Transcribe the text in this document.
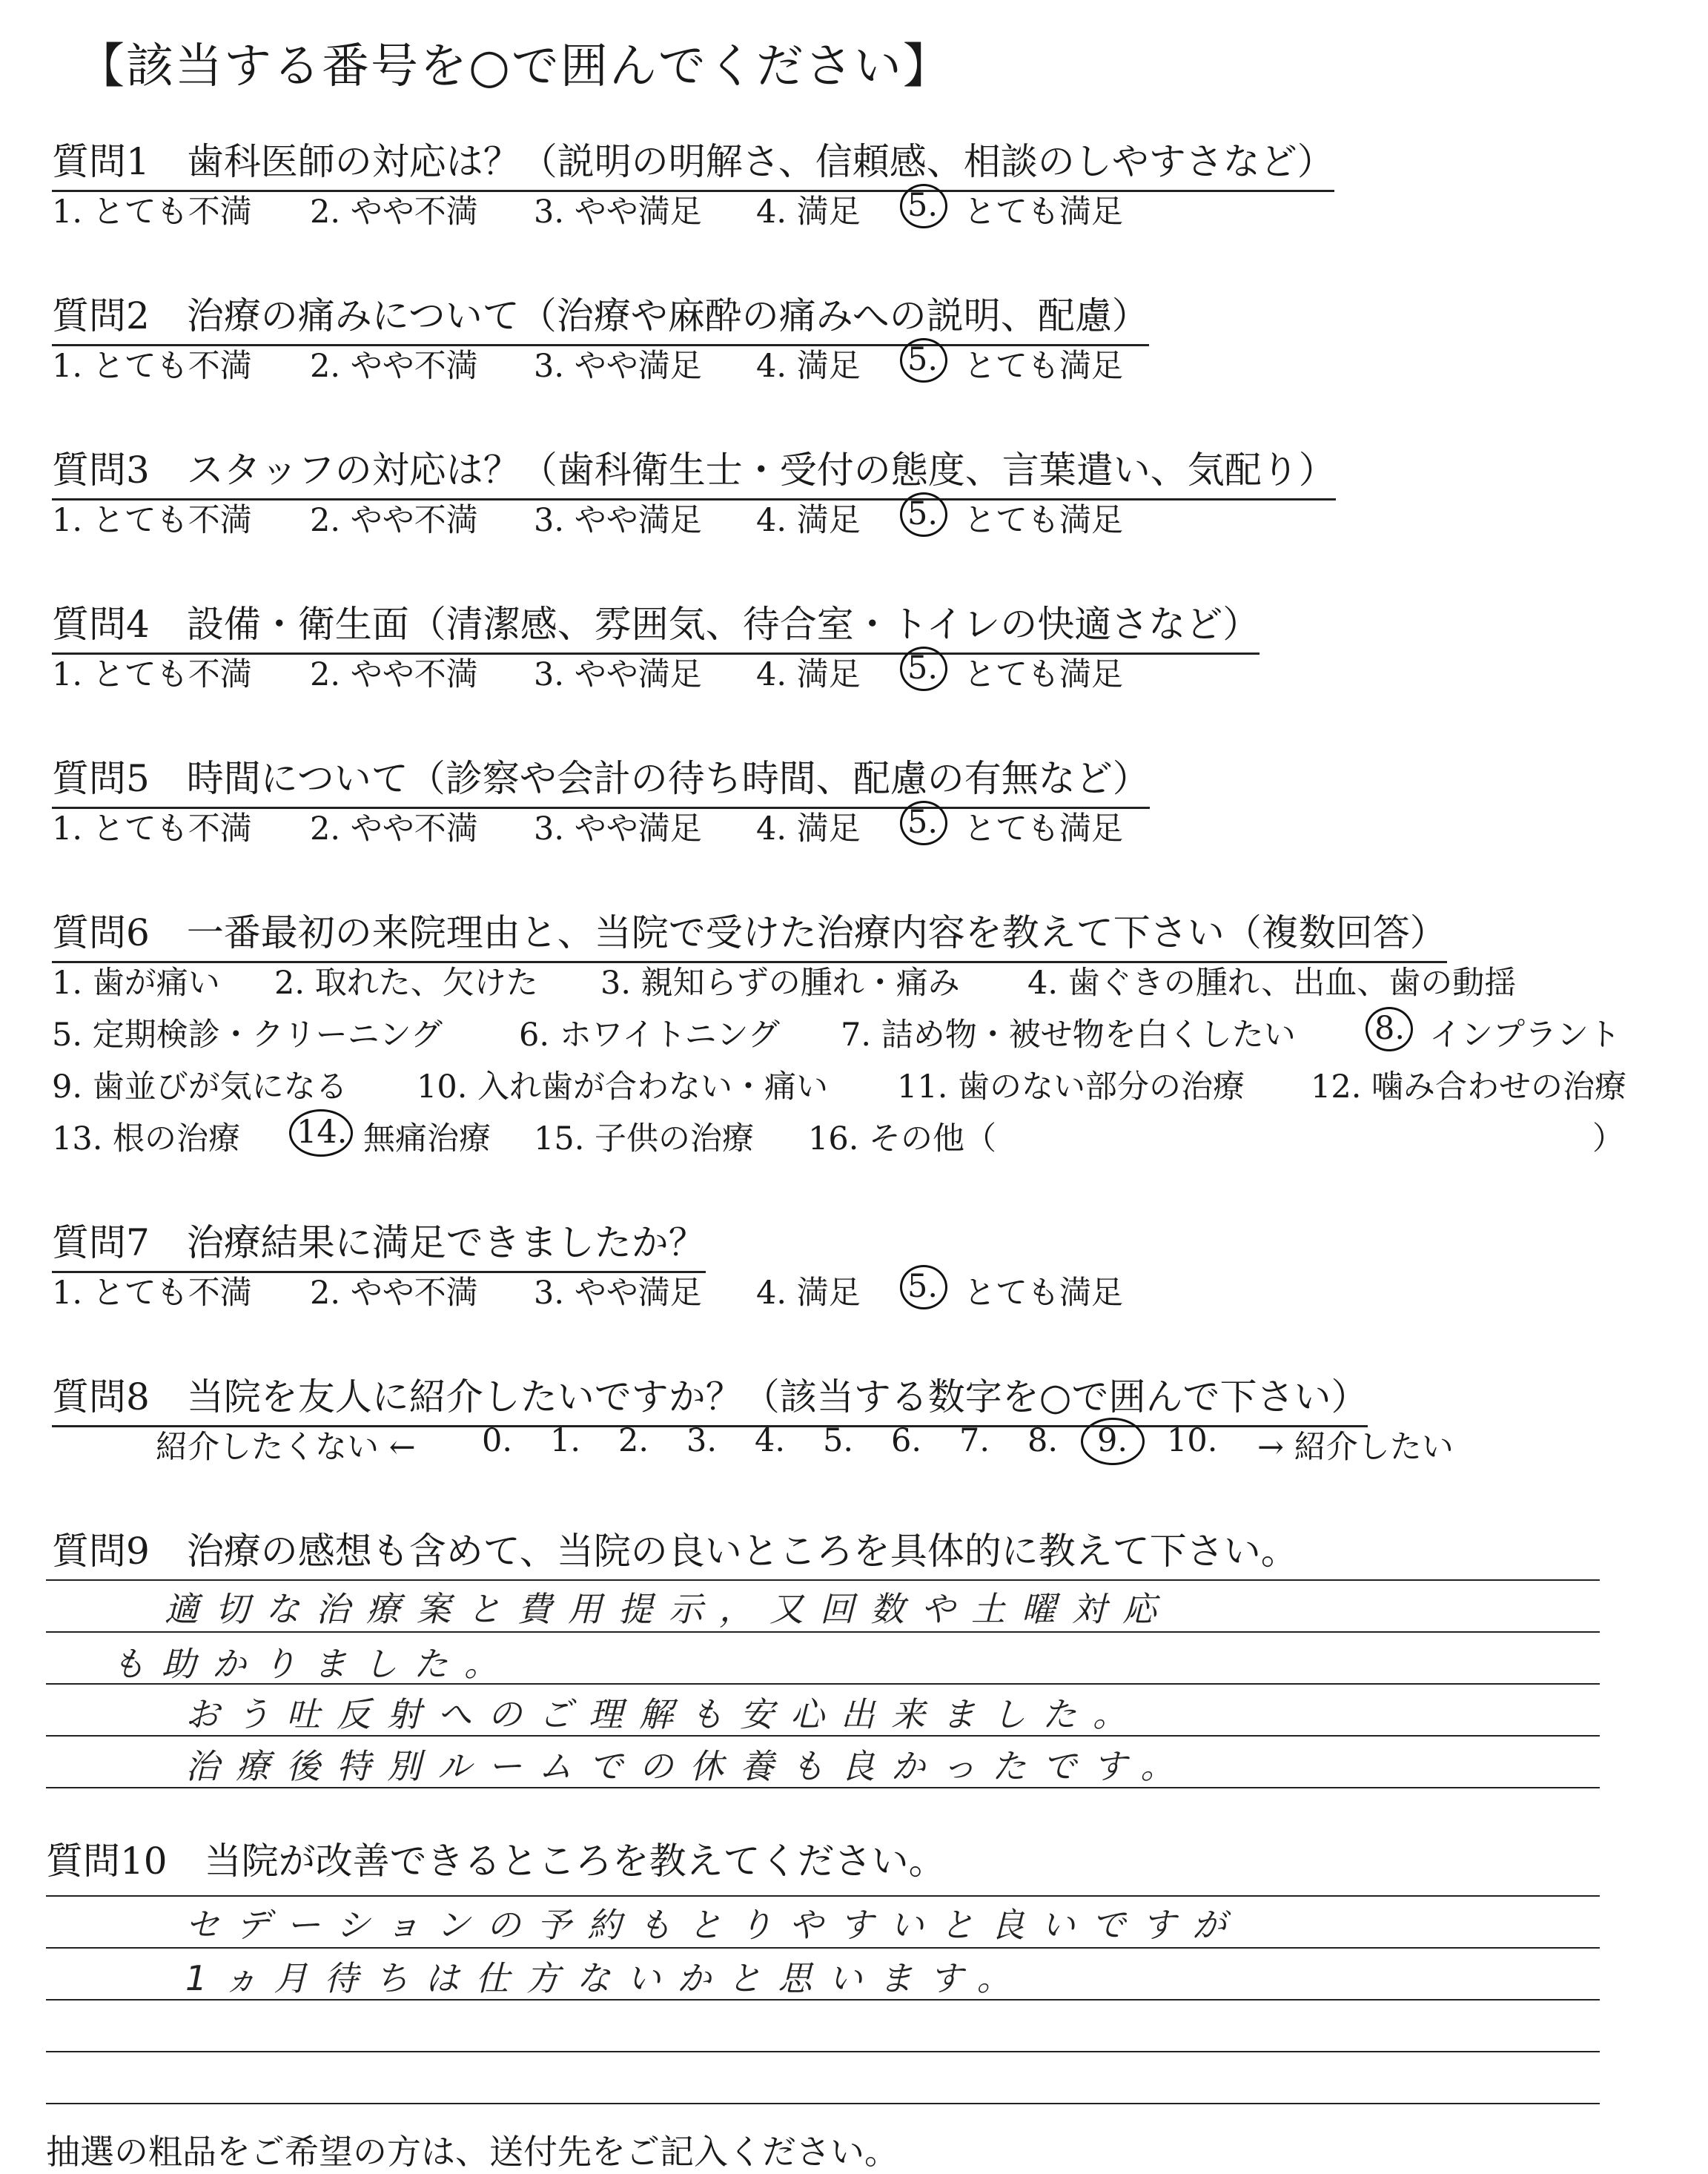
【該当する番号を○で囲んでください】
質問1　歯科医師の対応は？（説明の明解さ、信頼感、相談のしやすさなど）
1. とても不満 2. やや不満 3. やや満足 4. 満足 5. とても満足
質問2　治療の痛みについて（治療や麻酔の痛みへの説明、配慮）
1. とても不満 2. やや不満 3. やや満足 4. 満足 5. とても満足
質問3　スタッフの対応は？（歯科衛生士・受付の態度、言葉遣い、気配り）
1. とても不満 2. やや不満 3. やや満足 4. 満足 5. とても満足
質問4　設備・衛生面（清潔感、雰囲気、待合室・トイレの快適さなど）
1. とても不満 2. やや不満 3. やや満足 4. 満足 5. とても満足
質問5　時間について（診察や会計の待ち時間、配慮の有無など）
1. とても不満 2. やや不満 3. やや満足 4. 満足 5. とても満足
質問6　一番最初の来院理由と、当院で受けた治療内容を教えて下さい（複数回答）
1. 歯が痛い 2. 取れた、欠けた 3. 親知らずの腫れ・痛み 4. 歯ぐきの腫れ、出血、歯の動揺
5. 定期検診・クリーニング 6. ホワイトニング 7. 詰め物・被せ物を白くしたい 8. インプラント
9. 歯並びが気になる 10. 入れ歯が合わない・痛い 11. 歯のない部分の治療 12. 噛み合わせの治療
13. 根の治療 14. 無痛治療 15. 子供の治療 16. その他（	）
質問7　治療結果に満足できましたか？
1. とても不満 2. やや不満 3. やや満足 4. 満足 5. とても満足
質問8　当院を友人に紹介したいですか？（該当する数字を○で囲んで下さい）
紹介したくない ← 0. 1. 2. 3. 4. 5. 6. 7. 8. 9. 10. → 紹介したい
質問9　治療の感想も含めて、当院の良いところを具体的に教えて下さい。
適切な治療案と費用提示，又回数や土曜対応
も助かりました。
おう吐反射へのご理解も安心出来ました。
治療後特別ルームでの休養も良かったです。
質問10　当院が改善できるところを教えてください。
セデーションの予約もとりやすいと良いですが
1ヵ月待ちは仕方ないかと思います。
抽選の粗品をご希望の方は、送付先をご記入ください。
